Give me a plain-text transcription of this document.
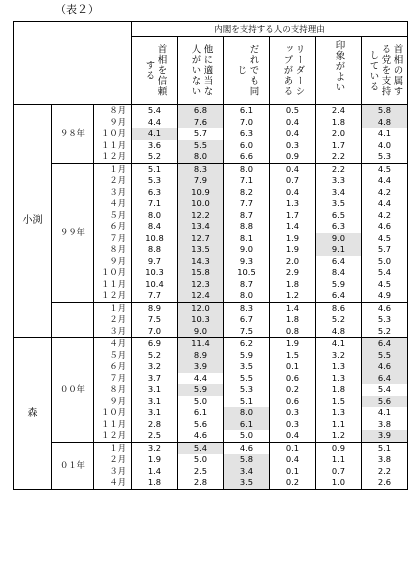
（表２）
			内閣を支持する人の支持理由					
			首相を信頼する	他に適当な人がいない	だれでも同じ	リーダーシップがある	印象がよい	首相の属する党を支持している
小渕	９８年	８月	5.4	6.8	6.1	0.5	2.4	5.8
		９月	4.4	7.6	7.0	0.4	1.8	4.8
		１０月	4.1	5.7	6.3	0.4	2.0	4.1
		１１月	3.6	5.5	6.0	0.3	1.7	4.0
		１２月	5.2	8.0	6.6	0.9	2.2	5.3
	９９年	１月	5.1	8.3	8.0	0.4	2.2	4.5
		２月	5.3	7.9	7.1	0.7	3.3	4.4
		３月	6.3	10.9	8.2	0.4	3.4	4.2
		４月	7.1	10.0	7.7	1.3	3.5	4.4
		５月	8.0	12.2	8.7	1.7	6.5	4.2
		６月	8.4	13.4	8.8	1.4	6.3	4.6
		７月	10.8	12.7	8.1	1.9	9.0	4.5
		８月	8.8	13.5	9.0	1.9	9.1	5.7
		９月	9.7	14.3	9.3	2.0	6.4	5.0
		１０月	10.3	15.8	10.5	2.9	8.4	5.4
		１１月	10.4	12.3	8.7	1.8	5.9	4.5
		１２月	7.7	12.4	8.0	1.2	6.4	4.9
		１月	8.9	12.0	8.3	1.4	8.6	4.6
		２月	7.5	10.3	6.7	1.8	5.2	5.3
		３月	7.0	9.0	7.5	0.8	4.8	5.2
森	００年	４月	6.9	11.4	6.2	1.9	4.1	6.4
		５月	5.2	8.9	5.9	1.5	3.2	5.5
		６月	3.2	3.9	3.5	0.1	1.3	4.6
		７月	3.7	4.4	5.5	0.6	1.3	6.4
		８月	3.1	5.9	5.3	0.2	1.8	5.4
		９月	3.1	5.0	5.1	0.6	1.5	5.6
		１０月	3.1	6.1	8.0	0.3	1.3	4.1
		１１月	2.8	5.6	6.1	0.3	1.1	3.8
		１２月	2.5	4.6	5.0	0.4	1.2	3.9
	０１年	１月	3.2	5.4	4.6	0.1	0.9	5.1
		２月	1.9	5.0	5.8	0.4	1.1	3.8
		３月	1.4	2.5	3.4	0.1	0.7	2.2
		４月	1.8	2.8	3.5	0.2	1.0	2.6
